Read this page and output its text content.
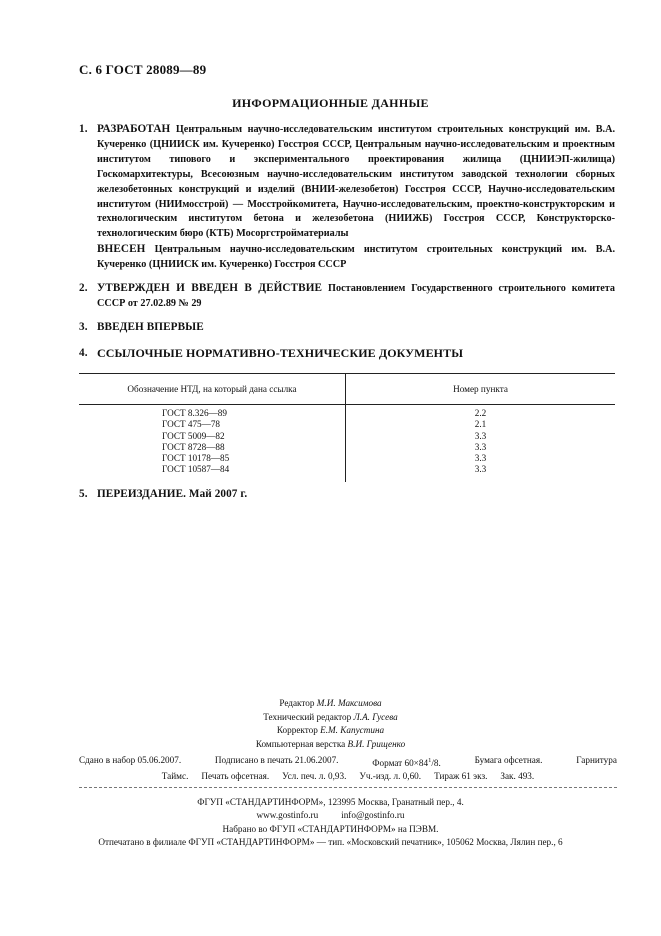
С. 6 ГОСТ 28089—89
ИНФОРМАЦИОННЫЕ ДАННЫЕ
1. РАЗРАБОТАН Центральным научно-исследовательским институтом строительных конструкций им. В.А. Кучеренко (ЦНИИСК им. Кучеренко) Госстроя СССР, Центральным научно-исследовательским и проектным институтом типового и экспериментального проектирования жилища (ЦНИИЭП-жилища) Госкомархитектуры, Всесоюзным научно-исследовательским институтом заводской технологии сборных железобетонных конструкций и изделий (ВНИИ-железобетон) Госстроя СССР, Научно-исследовательским институтом (НИИмосстрой) — Мосстройкомитета, Научно-исследовательским, проектно-конструкторским и технологическим институтом бетона и железобетона (НИИЖБ) Госстроя СССР, Конструкторско-технологическим бюро (КТБ) Мосоргстройматериалы
ВНЕСЕН Центральным научно-исследовательским институтом строительных конструкций им. В.А. Кучеренко (ЦНИИСК им. Кучеренко) Госстроя СССР
2. УТВЕРЖДЕН И ВВЕДЕН В ДЕЙСТВИЕ Постановлением Государственного строительного комитета СССР от 27.02.89 № 29
3. ВВЕДЕН ВПЕРВЫЕ
4. ССЫЛОЧНЫЕ НОРМАТИВНО-ТЕХНИЧЕСКИЕ ДОКУМЕНТЫ
Обозначение НТД, на который дана ссылка	Номер пункта
ГОСТ 8.326—89	2.2
ГОСТ 475—78	2.1
ГОСТ 5009—82	3.3
ГОСТ 8728—88	3.3
ГОСТ 10178—85	3.3
ГОСТ 10587—84	3.3
5. ПЕРЕИЗДАНИЕ. Май 2007 г.
Редактор М.И. Максимова
Технический редактор Л.А. Гусева
Корректор Е.М. Капустина
Компьютерная верстка В.И. Грищенко
Сдано в набор 05.06.2007.	Подписано в печать 21.06.2007.	Формат $60\times 84^1/8$.	Бумага офсетная.	Гарнитура
Таймс. Печать офсетная. Усл. печ. л. 0,93. Уч.-изд. л. 0,60. Тираж 61 экз. Зак. 493.
ФГУП «СТАНДАРТИНФОРМ», 123995 Москва, Гранатный пер., 4.
www.gostinfo.ru          info@gostinfo.ru
Набрано во ФГУП «СТАНДАРТИНФОРМ» на ПЭВМ.
Отпечатано в филиале ФГУП «СТАНДАРТИНФОРМ» — тип. «Московский печатник», 105062 Москва, Лялин пер., 6
